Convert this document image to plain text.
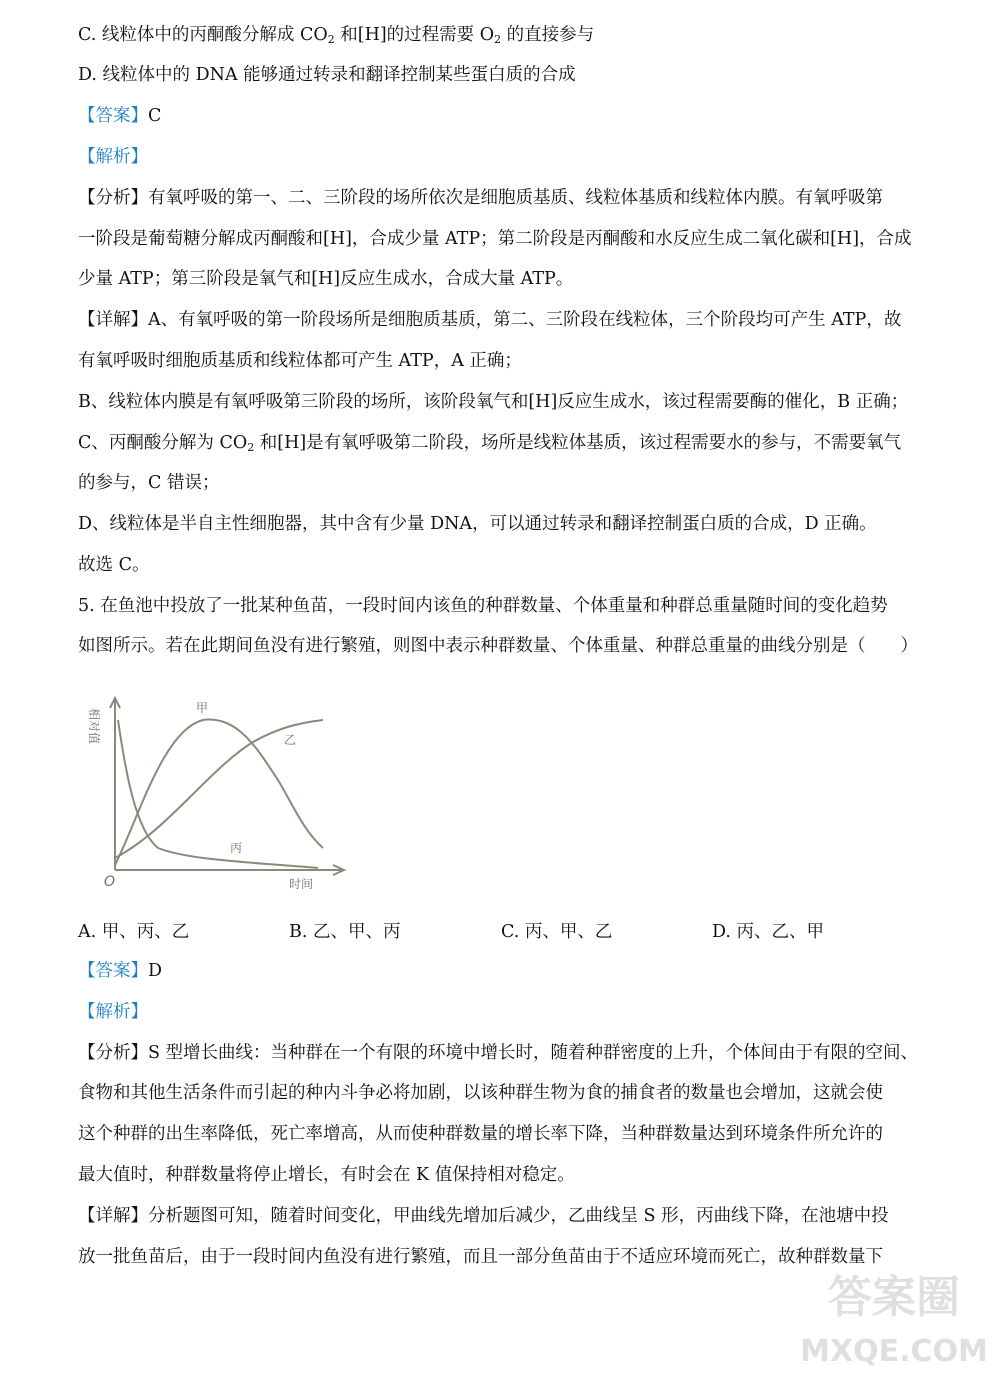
C. 线粒体中的丙酮酸分解成 $CO_2$ 和[H]的过程需要 $O_2$ 的直接参与
D. 线粒体中的 DNA 能够通过转录和翻译控制某些蛋白质的合成
【答案】C
【解析】
【分析】有氧呼吸的第一、二、三阶段的场所依次是细胞质基质、线粒体基质和线粒体内膜。有氧呼吸第
一阶段是葡萄糖分解成丙酮酸和[H]，合成少量 ATP；第二阶段是丙酮酸和水反应生成二氧化碳和[H]，合成
少量 ATP；第三阶段是氧气和[H]反应生成水，合成大量 ATP。
【详解】A、有氧呼吸的第一阶段场所是细胞质基质，第二、三阶段在线粒体，三个阶段均可产生 ATP，故
有氧呼吸时细胞质基质和线粒体都可产生 ATP，A 正确；
B、线粒体内膜是有氧呼吸第三阶段的场所，该阶段氧气和[H]反应生成水，该过程需要酶的催化，B 正确；
C、丙酮酸分解为 $CO_2$ 和[H]是有氧呼吸第二阶段，场所是线粒体基质，该过程需要水的参与，不需要氧气
的参与，C 错误；
D、线粒体是半自主性细胞器，其中含有少量 DNA，可以通过转录和翻译控制蛋白质的合成，D 正确。
故选 C。
5. 在鱼池中投放了一批某种鱼苗，一段时间内该鱼的种群数量、个体重量和种群总重量随时间的变化趋势
如图所示。若在此期间鱼没有进行繁殖，则图中表示种群数量、个体重量、种群总重量的曲线分别是（　　）
甲
乙
丙
时间
O
相对值
A. 甲、丙、乙	B. 乙、甲、丙	C. 丙、甲、乙	D. 丙、乙、甲
【答案】D
【解析】
【分析】S 型增长曲线：当种群在一个有限的环境中增长时，随着种群密度的上升，个体间由于有限的空间、
食物和其他生活条件而引起的种内斗争必将加剧，以该种群生物为食的捕食者的数量也会增加，这就会使
这个种群的出生率降低，死亡率增高，从而使种群数量的增长率下降，当种群数量达到环境条件所允许的
最大值时，种群数量将停止增长，有时会在 K 值保持相对稳定。
【详解】分析题图可知，随着时间变化，甲曲线先增加后减少，乙曲线呈 S 形，丙曲线下降，在池塘中投
放一批鱼苗后，由于一段时间内鱼没有进行繁殖，而且一部分鱼苗由于不适应环境而死亡，故种群数量下
答案圈
MXQE.COM
